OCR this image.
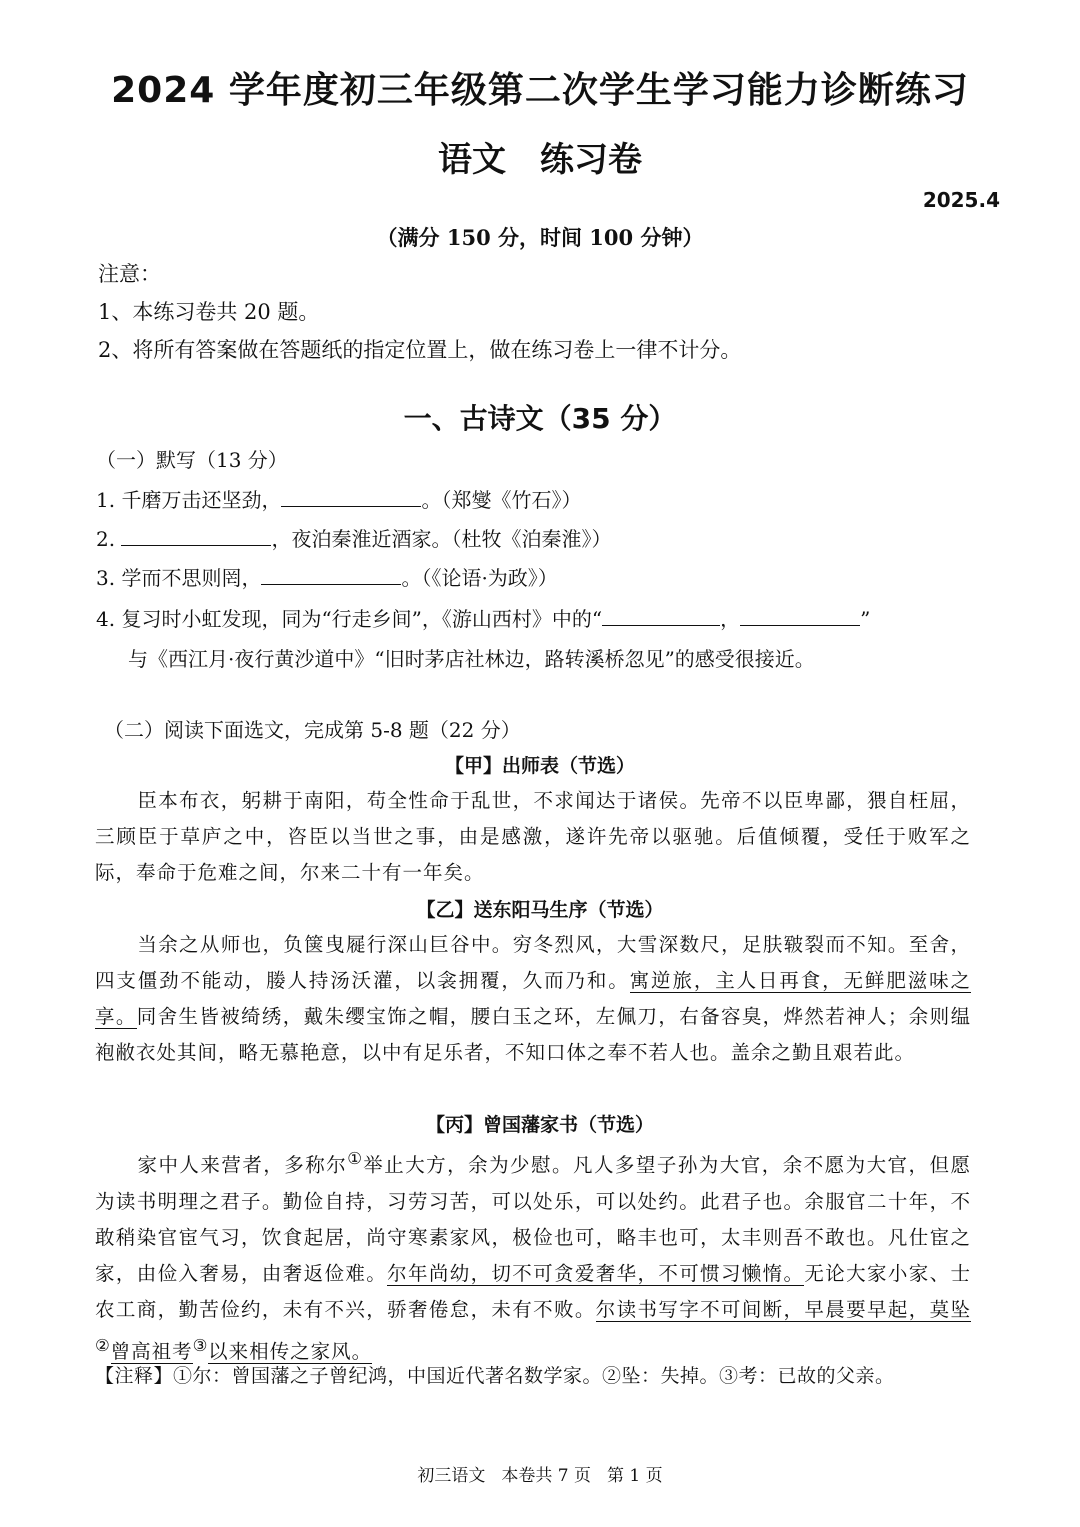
2024 学年度初三年级第二次学生学习能力诊断练习
语文 练习卷
2025.4
（满分 150 分，时间 100 分钟）
注意：
1、本练习卷共 20 题。
2、将所有答案做在答题纸的指定位置上，做在练习卷上一律不计分。
一、古诗文（35 分）
（一）默写（13 分）
1. 千磨万击还坚劲，	。（郑燮《竹石》）
2.	，夜泊秦淮近酒家。（杜牧《泊秦淮》）
3. 学而不思则罔，	。（《论语·为政》）
4. 复习时小虹发现，同为“行走乡间”，《游山西村》中的“	，	”
与《西江月·夜行黄沙道中》“旧时茅店社林边，路转溪桥忽见”的感受很接近。
（二）阅读下面选文，完成第 5-8 题（22 分）
【甲】出师表（节选）
臣本布衣，躬耕于南阳，苟全性命于乱世，不求闻达于诸侯。先帝不以臣卑鄙，猥自枉屈，三顾臣于草庐之中，咨臣以当世之事，由是感激，遂许先帝以驱驰。后值倾覆，受任于败军之际，奉命于危难之间，尔来二十有一年矣。
【乙】送东阳马生序（节选）
当余之从师也，负箧曳屣行深山巨谷中。穷冬烈风，大雪深数尺，足肤皲裂而不知。至舍，四支僵劲不能动，媵人持汤沃灌，以衾拥覆，久而乃和。寓逆旅，主人日再食，无鲜肥滋味之享。同舍生皆被绮绣，戴朱缨宝饰之帽，腰白玉之环，左佩刀，右备容臭，烨然若神人；余则缊袍敝衣处其间，略无慕艳意，以中有足乐者，不知口体之奉不若人也。盖余之勤且艰若此。
【丙】曾国藩家书（节选）
家中人来营者，多称尔①举止大方，余为少慰。凡人多望子孙为大官，余不愿为大官，但愿为读书明理之君子。勤俭自持，习劳习苦，可以处乐，可以处约。此君子也。余服官二十年，不敢稍染官宦气习，饮食起居，尚守寒素家风，极俭也可，略丰也可，太丰则吾不敢也。凡仕宦之家，由俭入奢易，由奢返俭难。尔年尚幼，切不可贪爱奢华，不可惯习懒惰。无论大家小家、士农工商，勤苦俭约，未有不兴，骄奢倦怠，未有不败。尔读书写字不可间断，早晨要早起，莫坠②曾高祖考③以来相传之家风。
【注释】①尔：曾国藩之子曾纪鸿，中国近代著名数学家。②坠：失掉。③考：已故的父亲。
初三语文 本卷共 7 页 第 1 页
